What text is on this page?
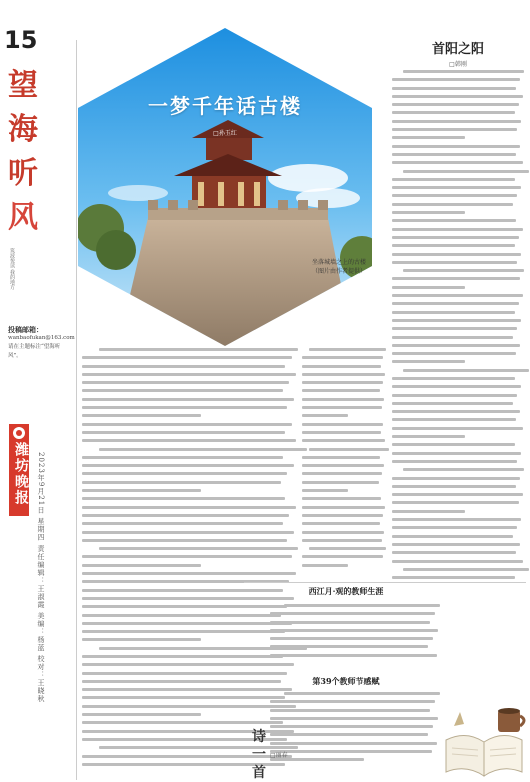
15
望
海
听
风
筑波悦读 我的地方
投稿邮箱：
wanbaofukan@163.com
请在主题标注“望海听风”。
潍坊晚报 2023年9月21日 星期四 责任编辑：王淑霞 美编：杨蓝 校对：王晓秋
一梦千年话古楼
□孙玉红
坐落城墙之上的古楼（图片由作者提供）
首阳之阳
□韩刚
西江月·观的教师生涯
第39个教师节感赋
诗一首
□丽春
